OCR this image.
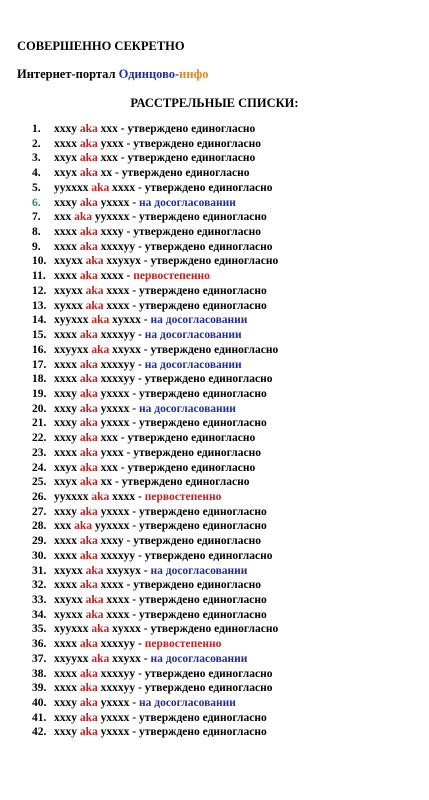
СОВЕРШЕННО СЕКРЕТНО
Интернет-портал Одинцово-инфо
РАССТРЕЛЬНЫЕ СПИСКИ:
1. xxxy aka xxx - утверждено единогласно
2. xxxx aka yxxx - утверждено единогласно
3. xxyx aka xxx - утверждено единогласно
4. xxyx aka xx - утверждено единогласно
5. yyxxxx aka xxxx - утверждено единогласно
6. xxxy aka yxxxx - на досогласовании
7. xxx aka yyxxxx - утверждено единогласно
8. xxxx aka xxxy - утверждено единогласно
9. xxxx aka xxxxyy - утверждено единогласно
10. xxyxx aka xxyxyx - утверждено единогласно
11. xxxx aka xxxx - первостепенно
12. xxyxx aka xxxx - утверждено единогласно
13. xyxxx aka xxxx - утверждено единогласно
14. xyyxxx aka xyxxx - на досогласовании
15. xxxx aka xxxxyy - на досогласовании
16. xxyyxx aka xxyxx - утверждено единогласно
17. xxxx aka xxxxyy - на досогласовании
18. xxxx aka xxxxyy - утверждено единогласно
19. xxxy aka yxxxx - утверждено единогласно
20. xxxy aka yxxxx - на досогласовании
21. xxxy aka yxxxx - утверждено единогласно
22. xxxy aka xxx - утверждено единогласно
23. xxxx aka yxxx - утверждено единогласно
24. xxyx aka xxx - утверждено единогласно
25. xxyx aka xx - утверждено единогласно
26. yyxxxx aka xxxx - первостепенно
27. xxxy aka yxxxx - утверждено единогласно
28. xxx aka yyxxxx - утверждено единогласно
29. xxxx aka xxxy - утверждено единогласно
30. xxxx aka xxxxyy - утверждено единогласно
31. xxyxx aka xxyxyx - на досогласовании
32. xxxx aka xxxx - утверждено единогласно
33. xxyxx aka xxxx - утверждено единогласно
34. xyxxx aka xxxx - утверждено единогласно
35. xyyxxx aka xyxxx - утверждено единогласно
36. xxxx aka xxxxyy - первостепенно
37. xxyyxx aka xxyxx - на досогласовании
38. xxxx aka xxxxyy - утверждено единогласно
39. xxxx aka xxxxyy - утверждено единогласно
40. xxxy aka yxxxx - на досогласовании
41. xxxy aka yxxxx - утверждено единогласно
42. xxxy aka yxxxx - утверждено единогласно
